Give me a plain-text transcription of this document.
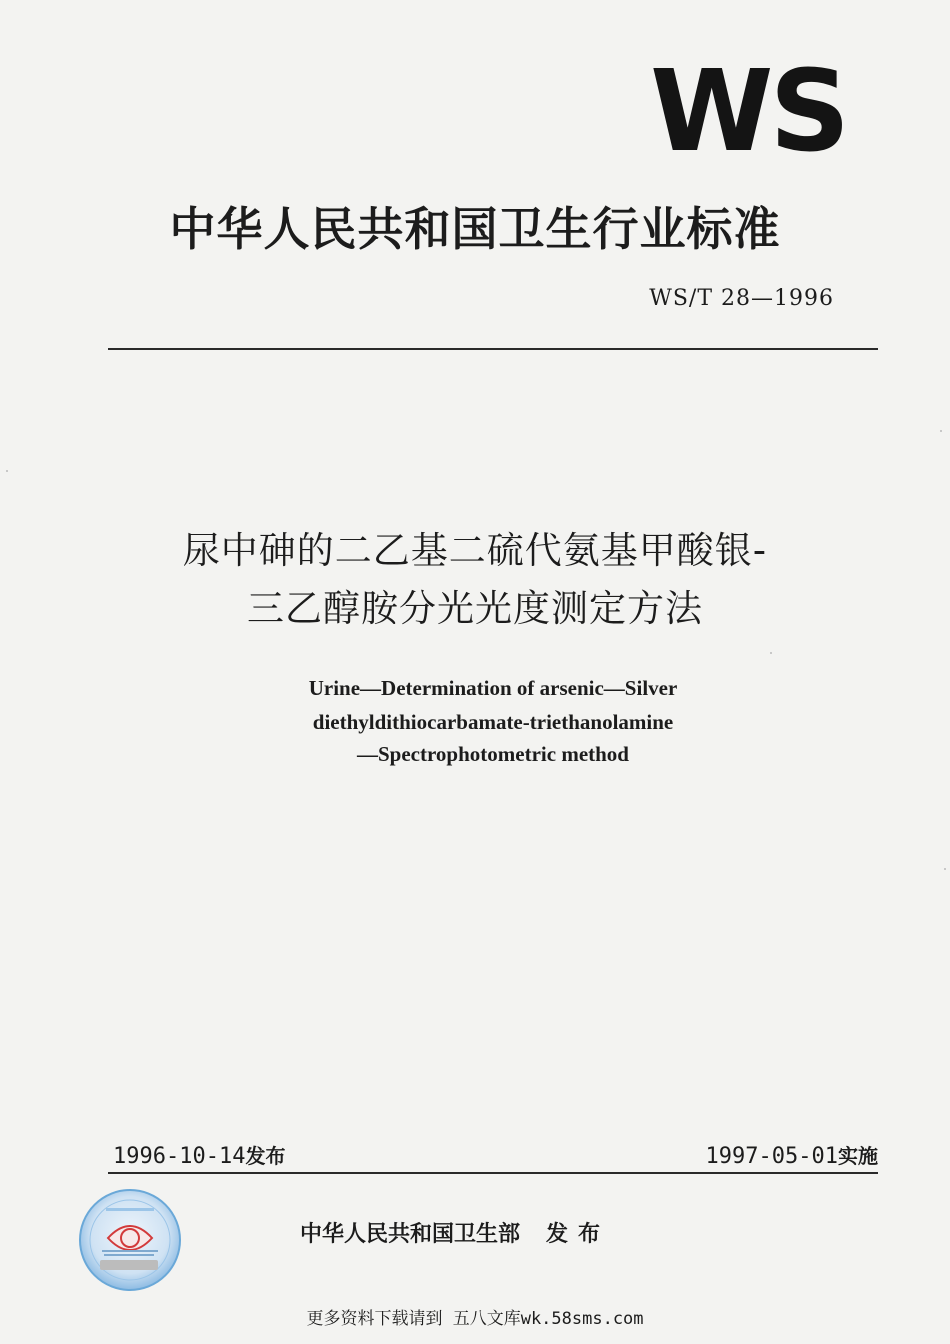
WS
中华人民共和国卫生行业标准
WS/T 28—1996
尿中砷的二乙基二硫代氨基甲酸银-
三乙醇胺分光光度测定方法
Urine—Determination of arsenic—Silver
diethyldithiocarbamate-triethanolamine
—Spectrophotometric method
1996-10-14发布	1997-05-01实施
中华人民共和国卫生部 发布
更多资料下载请到 五八文库wk.58sms.com
